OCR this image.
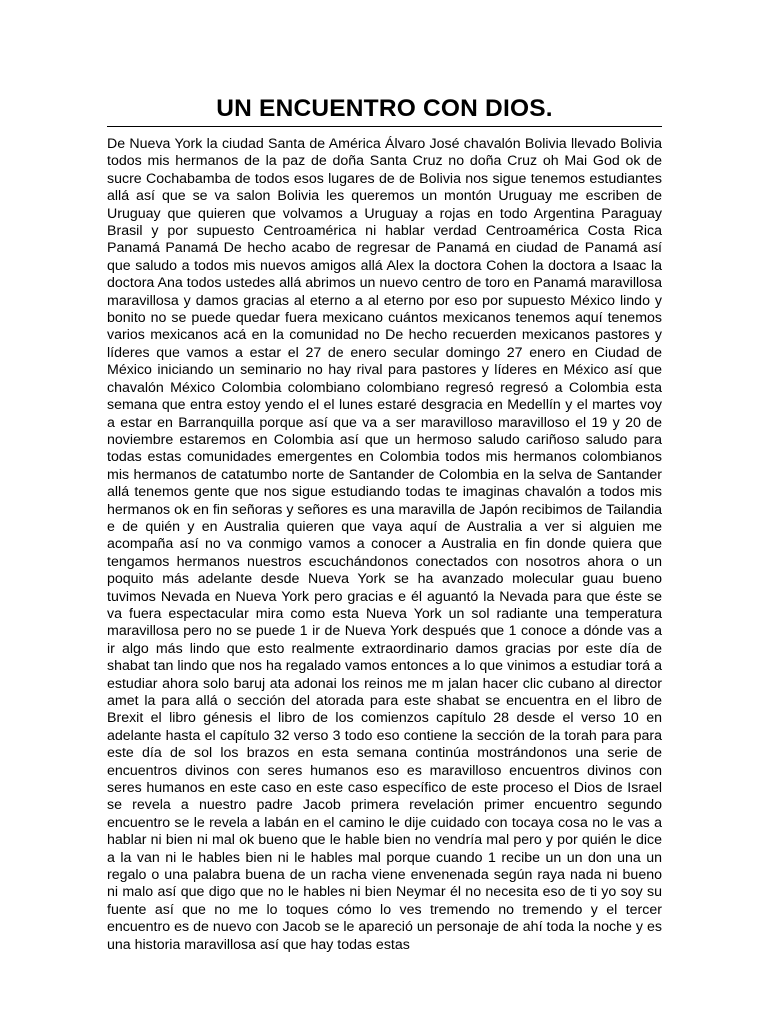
UN ENCUENTRO CON DIOS.

De Nueva York la ciudad Santa de América Álvaro José chavalón Bolivia llevado Bolivia todos mis hermanos de la paz de doña Santa Cruz no doña Cruz oh Mai God ok de sucre Cochabamba de todos esos lugares de de Bolivia nos sigue tenemos estudiantes allá así que se va salon Bolivia les queremos un montón Uruguay me escriben de Uruguay que quieren que volvamos a Uruguay a rojas en todo Argentina Paraguay Brasil y por supuesto Centroamérica ni hablar verdad Centroamérica Costa Rica Panamá Panamá De hecho acabo de regresar de Panamá en ciudad de Panamá así que saludo a todos mis nuevos amigos allá Alex la doctora Cohen la doctora a Isaac la doctora Ana todos ustedes allá abrimos un nuevo centro de toro en Panamá maravillosa maravillosa y damos gracias al eterno a al eterno por eso por supuesto México lindo y bonito no se puede quedar fuera mexicano cuántos mexicanos tenemos aquí tenemos varios mexicanos acá en la comunidad no De hecho recuerden mexicanos pastores y líderes que vamos a estar el 27 de enero secular domingo 27 enero en Ciudad de México iniciando un seminario no hay rival para pastores y líderes en México así que chavalón México Colombia colombiano colombiano regresó regresó a Colombia esta semana que entra estoy yendo el el lunes estaré desgracia en Medellín y el martes voy a estar en Barranquilla porque así que va a ser maravilloso maravilloso el 19 y 20 de noviembre estaremos en Colombia así que un hermoso saludo cariñoso saludo para todas estas comunidades emergentes en Colombia todos mis hermanos colombianos mis hermanos de catatumbo norte de Santander de Colombia en la selva de Santander allá tenemos gente que nos sigue estudiando todas te imaginas chavalón a todos mis hermanos ok en fin señoras y señores es una maravilla de Japón recibimos de Tailandia e de quién y en Australia quieren que vaya aquí de Australia a ver si alguien me acompaña así no va conmigo vamos a conocer a Australia en fin donde quiera que tengamos hermanos nuestros escuchándonos conectados con nosotros ahora o un poquito más adelante desde Nueva York se ha avanzado molecular guau bueno tuvimos Nevada en Nueva York pero gracias e él aguantó la Nevada para que éste se va fuera espectacular mira como esta Nueva York un sol radiante una temperatura maravillosa pero no se puede 1 ir de Nueva York después que 1 conoce a dónde vas a ir algo más lindo que esto realmente extraordinario damos gracias por este día de shabat tan lindo que nos ha regalado vamos entonces a lo que vinimos a estudiar torá a estudiar ahora solo baruj ata adonai los reinos me m jalan hacer clic cubano al director amet la para allá o sección del atorada para este shabat se encuentra en el libro de Brexit el libro génesis el libro de los comienzos capítulo 28 desde el verso 10 en adelante hasta el capítulo 32 verso 3 todo eso contiene la sección de la torah para para este día de sol los brazos en esta semana continúa mostrándonos una serie de encuentros divinos con seres humanos eso es maravilloso encuentros divinos con seres humanos en este caso en este caso específico de este proceso el Dios de Israel se revela a nuestro padre Jacob primera revelación primer encuentro segundo encuentro se le revela a labán en el camino le dije cuidado con tocaya cosa no le vas a hablar ni bien ni mal ok bueno que le hable bien no vendría mal pero y por quién le dice a la van ni le hables bien ni le hables mal porque cuando 1 recibe un un don una un regalo o una palabra buena de un racha viene envenenada según raya nada ni bueno ni malo así que digo que no le hables ni bien Neymar él no necesita eso de ti yo soy su fuente así que no me lo toques cómo lo ves tremendo no tremendo y el tercer encuentro es de nuevo con Jacob se le apareció un personaje de ahí toda la noche y es una historia maravillosa así que hay todas estas
